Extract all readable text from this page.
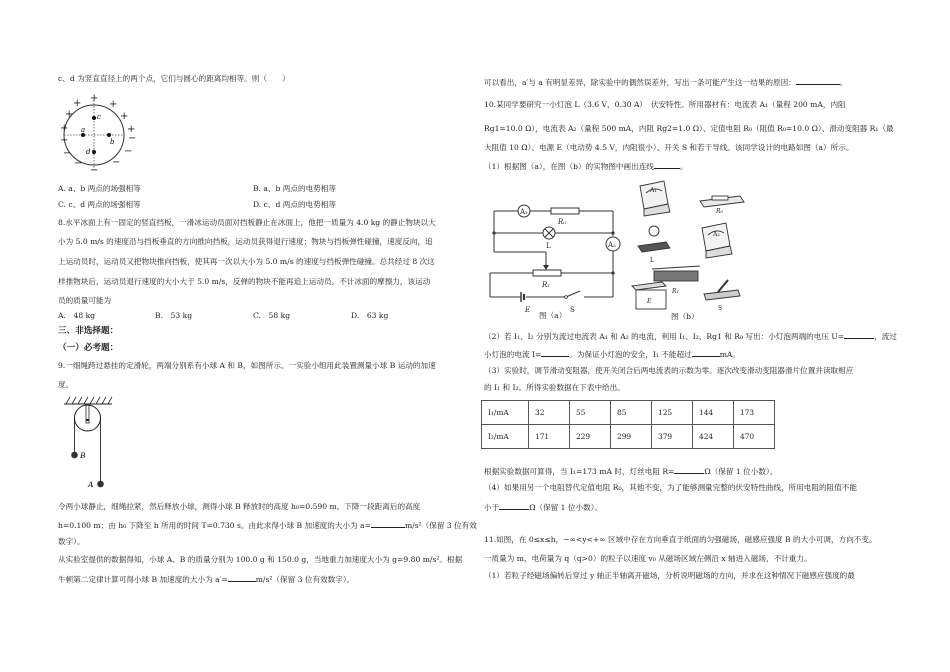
c、d 为竖直直径上的两个点，它们与圆心的距离均相等。则（　　）
a
b
c
d
+
+	+
+	+
+	+
−	−
−	−
−	−
−
A. a、b 两点的场强相等	B. a、b 两点的电势相等
C. c、d 两点的场强相等	D. c、d 两点的电势相等
8.水平冰面上有一固定的竖直挡板，一滑冰运动员面对挡板静止在冰面上，他把一质量为 4.0 kg 的静止物块以大
小为 5.0 m/s 的速度沿与挡板垂直的方向推向挡板，运动员获得退行速度；物块与挡板弹性碰撞，速度反向，追
上运动员时，运动员又把物块推向挡板，使其再一次以大小为 5.0 m/s 的速度与挡板弹性碰撞。总共经过 8 次这
样推物块后，运动员退行速度的大小大于 5.0 m/s，反弹的物块不能再追上运动员。不计冰面的摩擦力，该运动
员的质量可能为
A.　48 kg	B.　53 kg	C.　58 kg	D.　63 kg
三、非选择题：
（一）必考题：
9.一细绳跨过悬挂的定滑轮，两端分别系有小球 A 和 B，如图所示。一实验小组用此装置测量小球 B 运动的加速
度。
B
A
令两小球静止，细绳拉紧，然后释放小球，测得小球 B 释放时的高度 h₀=0.590 m，下降一段距离后的高度
h=0.100 m；由 h₀ 下降至 h 所用的时间 T=0.730 s。由此求得小球 B 加速度的大小为 a=	m/s²（保留 3 位有效
数字）。
从实验室提供的数据得知，小球 A、B 的质量分别为 100.0 g 和 150.0 g，当地重力加速度大小为 g=9.80 m/s²。根据
牛顿第二定律计算可得小球 B 加速度的大小为 a′=	m/s²（保留 3 位有效数字）。
可以看出，a′与 a 有明显差异，除实验中的偶然误差外，写出一条可能产生这一结果的原因：	。
10.某同学要研究一小灯泡 L（3.6 V，0.30 A）　伏安特性。所用器材有：电流表 A₁（量程 200 mA，内阻
Rg1=10.0 Ω），电流表 A₂（量程 500 mA，内阻 Rg2=1.0 Ω）、定值电阻 R₀（阻值 R₀=10.0 Ω）、滑动变阻器 R₁（最
大阻值 10 Ω）、电源 E（电动势 4.5 V，内阻很小）、开关 S 和若干导线。该同学设计的电路如图（a）所示。
（1）根据图（a），在图（b）的实物图中画出连线	。
A₁
R₀
L	A₂
R₁
E	S
图（a）
A₁
R₀
L
A₂
R₁
E
S
图（b）
（2）若 I₁、I₂ 分别为流过电流表 A₁ 和 A₂ 的电流，利用 I₁、I₂、Rg1 和 R₀ 写出：小灯泡两端的电压 U=	，流过
小灯泡的电流 I=	。为保证小灯泡的安全，I₁ 不能超过	mA。
（3）实验时，调节滑动变阻器，使开关闭合后两电流表的示数为零。逐次改变滑动变阻器滑片位置并读取相应
的 I₁ 和 I₂。所得实验数据在下表中给出。
I₁/mA	32	55	85	125	144	173
I₂/mA	171	229	299	379	424	470
根据实验数据可算得，当 I₁=173 mA 时，灯丝电阻 R=	Ω（保留 1 位小数）。
（4）如果用另一个电阻替代定值电阻 R₀，其他不变，为了能够测量完整的伏安特性曲线，所用电阻的阻值不能
小于	Ω（保留 1 位小数）。
11.如图，在 0≤x≤h，−∞<y<+∞ 区域中存在方向垂直于纸面的匀强磁场，磁感应强度 B 的大小可调，方向不变。
一质量为 m，电荷量为 q（q>0）的粒子以速度 v₀ 从磁场区域左侧沿 x 轴进入磁场，不计重力。
（1）若粒子经磁场偏转后穿过 y 轴正半轴离开磁场，分析说明磁场的方向，并求在这种情况下磁感应强度的最
